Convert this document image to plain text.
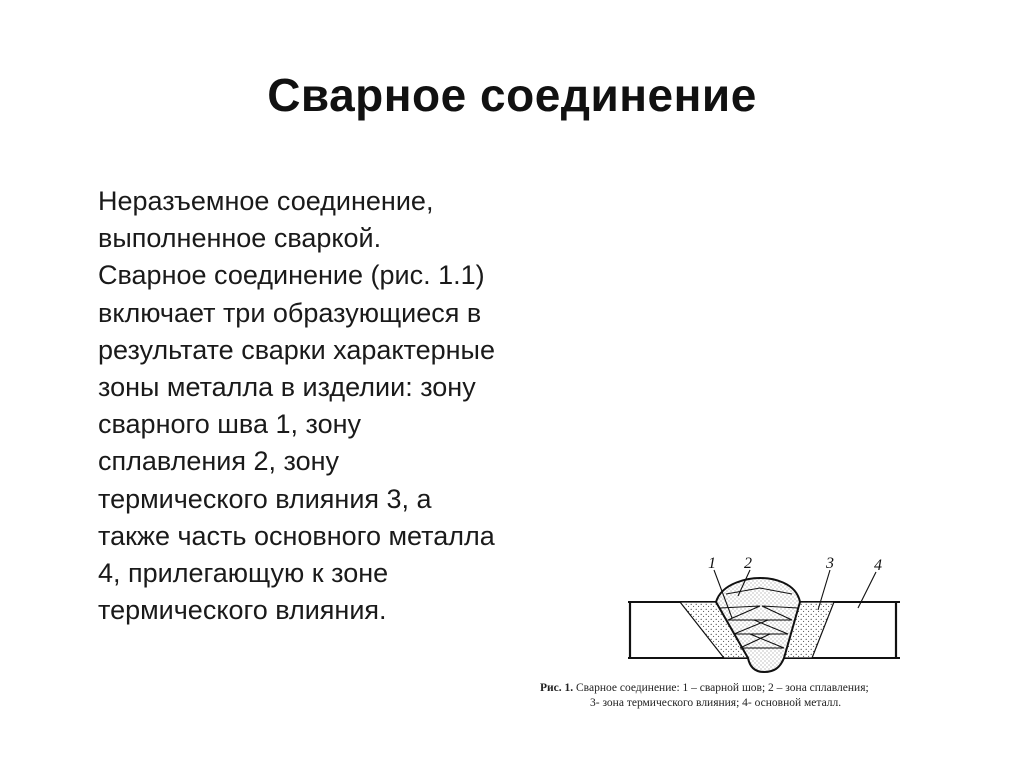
Сварное соединение
Неразъемное соединение,
выполненное сваркой.
Сварное соединение (рис. 1.1)
включает три образующиеся в
результате сварки характерные
зоны металла в изделии: зону
сварного шва 1, зону
сплавления 2, зону
термического влияния 3, а
также часть основного металла
4, прилегающую к зоне
термического влияния.
1 2	3	4
Рис. 1. Сварное соединение: 1 – сварной шов; 2 – зона сплавления;
3- зона термического влияния; 4- основной металл.
